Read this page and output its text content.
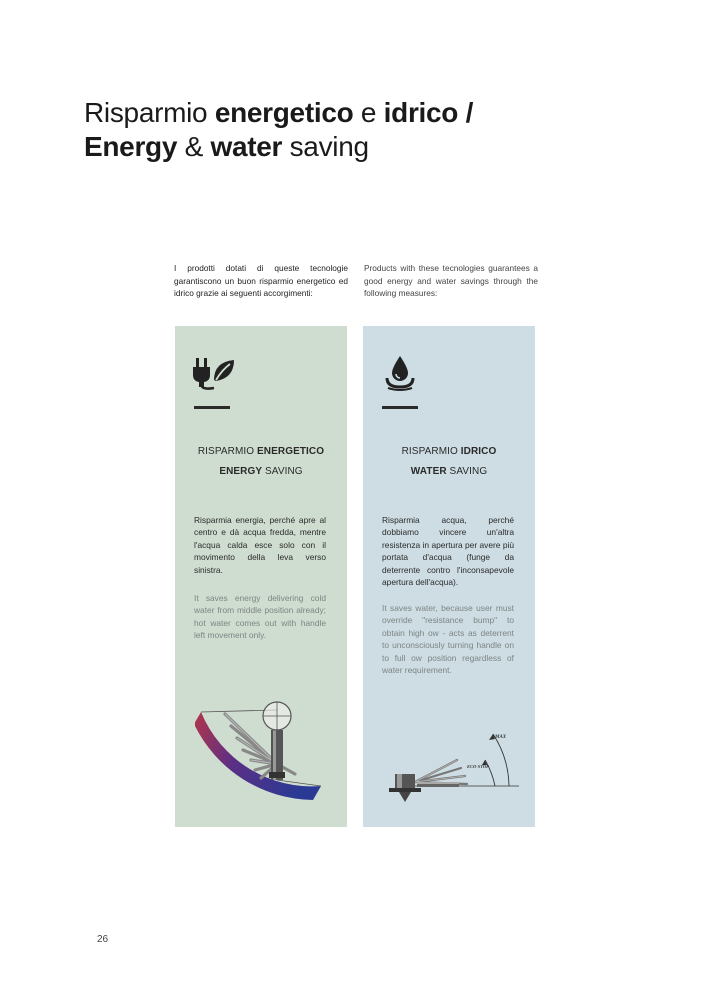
Risparmio energetico e idrico /
Energy & water saving
I prodotti dotati di queste tecnologie garantiscono un buon risparmio energetico ed idrico grazie ai seguenti accorgimenti:
Products with these tecnologies guarantees a good energy and water savings through the following measures:
RISPARMIO ENERGETICO
ENERGY SAVING
Risparmia energia, perché apre al centro e dà acqua fredda, mentre l'acqua calda esce solo con il movimento della leva verso sinistra.
It saves energy delivering cold water from middle position already; hot water comes out with handle left movement only.
RISPARMIO IDRICO
WATER SAVING
Risparmia acqua, perché dobbiamo vincere un'altra resistenza in apertura per avere più portata d'acqua (funge da deterrente contro l'inconsapevole apertura dell'acqua).
It saves water, because user must override "resistance bump" to obtain high ow - acts as deterrent to unconsciously turning handle on to full ow position regardless of water requirement.
MAX
ECO-STOP
26
